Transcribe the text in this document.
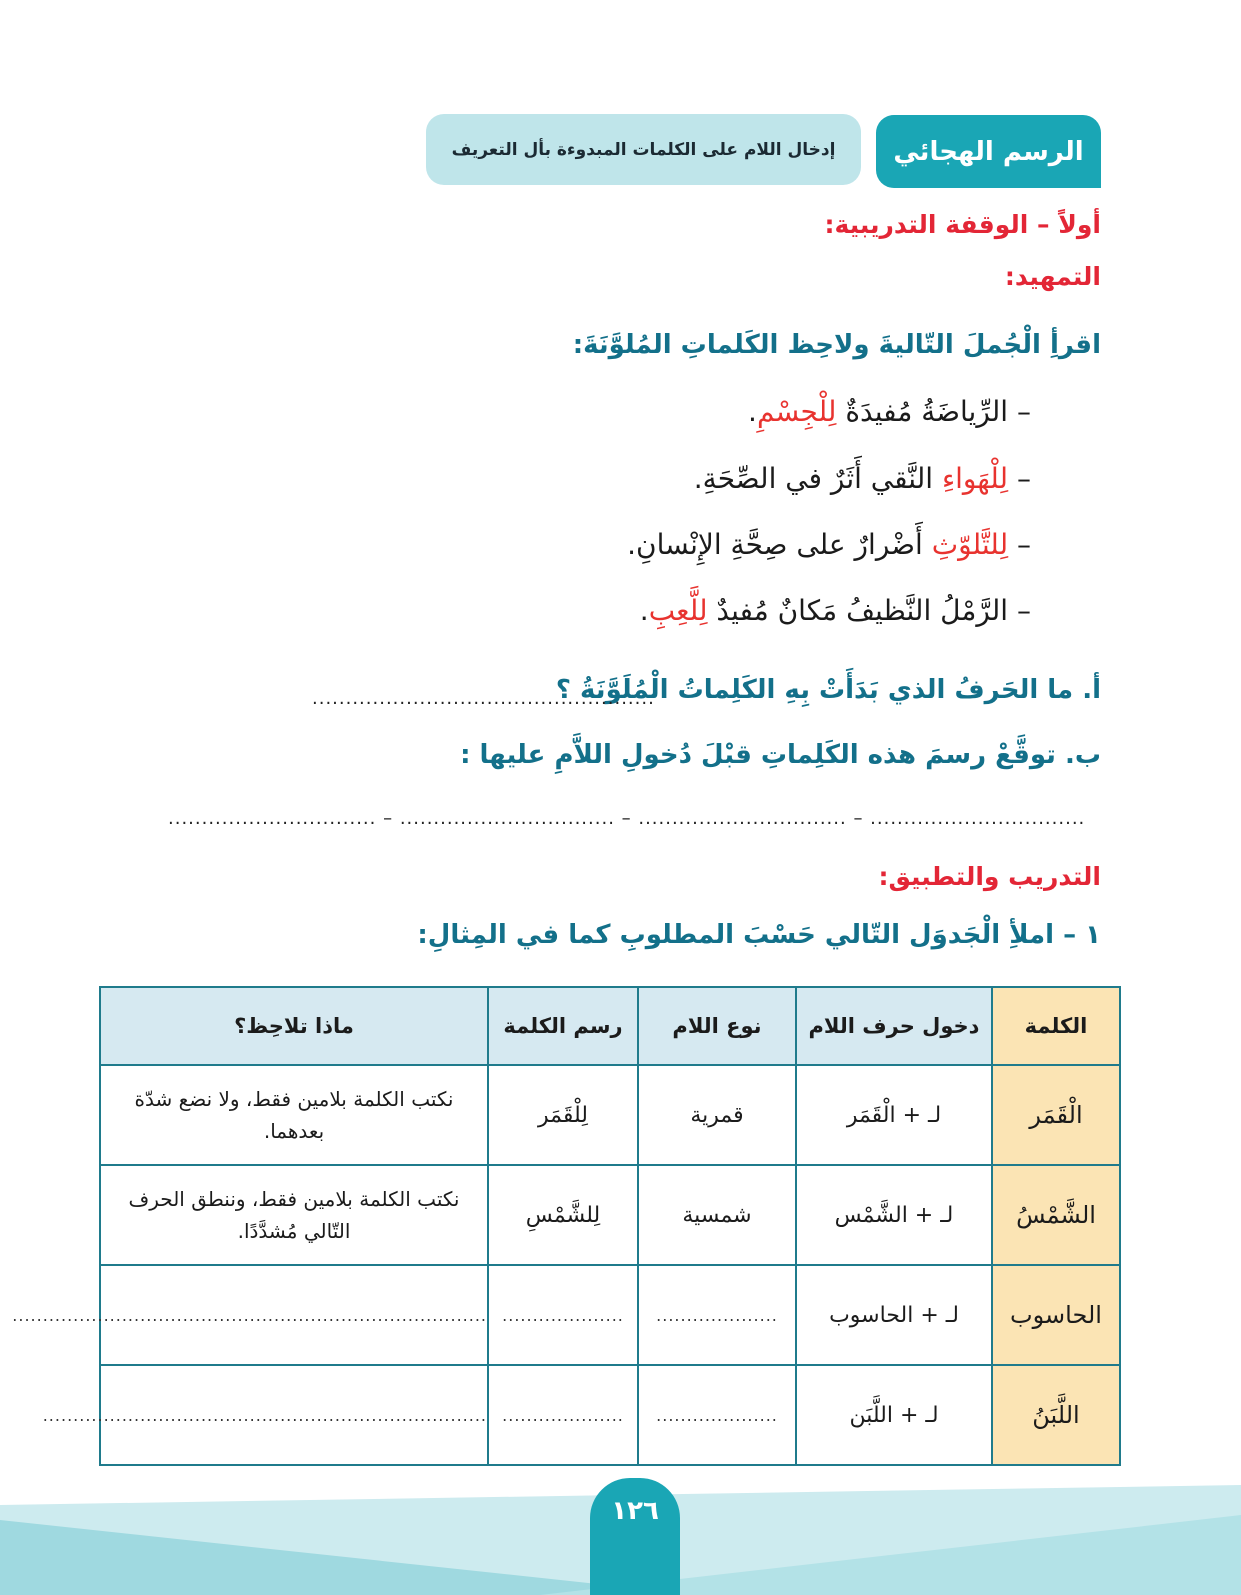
الرسم الهجائي
إدخال اللام على الكلمات المبدوءة بأل التعريف
أولاً – الوقفة التدريبية:
التمهيد:
اقرأِ الْجُملَ التّاليةَ ولاحِظ الكَلماتِ المُلوَّنَةَ:
– الرِّياضَةُ مُفيدَةٌ لِلْجِسْمِ.
– لِلْهَواءِ النَّقي أَثَرٌ في الصِّحَةِ.
– لِلتَّلوّثِ أَضْرارٌ على صِحَّةِ الإِنْسانِ.
– الرَّمْلُ النَّظيفُ مَكانٌ مُفيدٌ لِلَّعِبِ.
أ. ما الحَرفُ الذي بَدَأَتْ بِهِ الكَلِماتُ الْمُلَوَّنَةُ ؟
...................................................
ب. توقَّعْ رسمَ هذه الكَلِماتِ قبْلَ دُخولِ اللاَّمِ عليها :
................................ – ............................... – ................................ – ...............................
التدريب والتطبيق:
١ – املأِ الْجَدوَل التّالي حَسْبَ المطلوبِ كما في المِثالِ:
الكلمة	دخول حرف اللام	نوع اللام	رسم الكلمة	ماذا تلاحِظ؟
الْقَمَر	لـ + الْقَمَر	قمرية	لِلْقَمَر	نكتب الكلمة بلامين فقط، ولا نضع شدّة بعدهما.
الشَّمْسُ	لـ + الشَّمْس	شمسية	لِلشَّمْسِ	نكتب الكلمة بلامين فقط، وننطق الحرف التّالي مُشدَّدًا.
الحاسوب	لـ + الحاسوب	....................	....................	..............................................................................
اللَّبَنُ	لـ + اللَّبَن	....................	....................	.........................................................................
١٢٦
